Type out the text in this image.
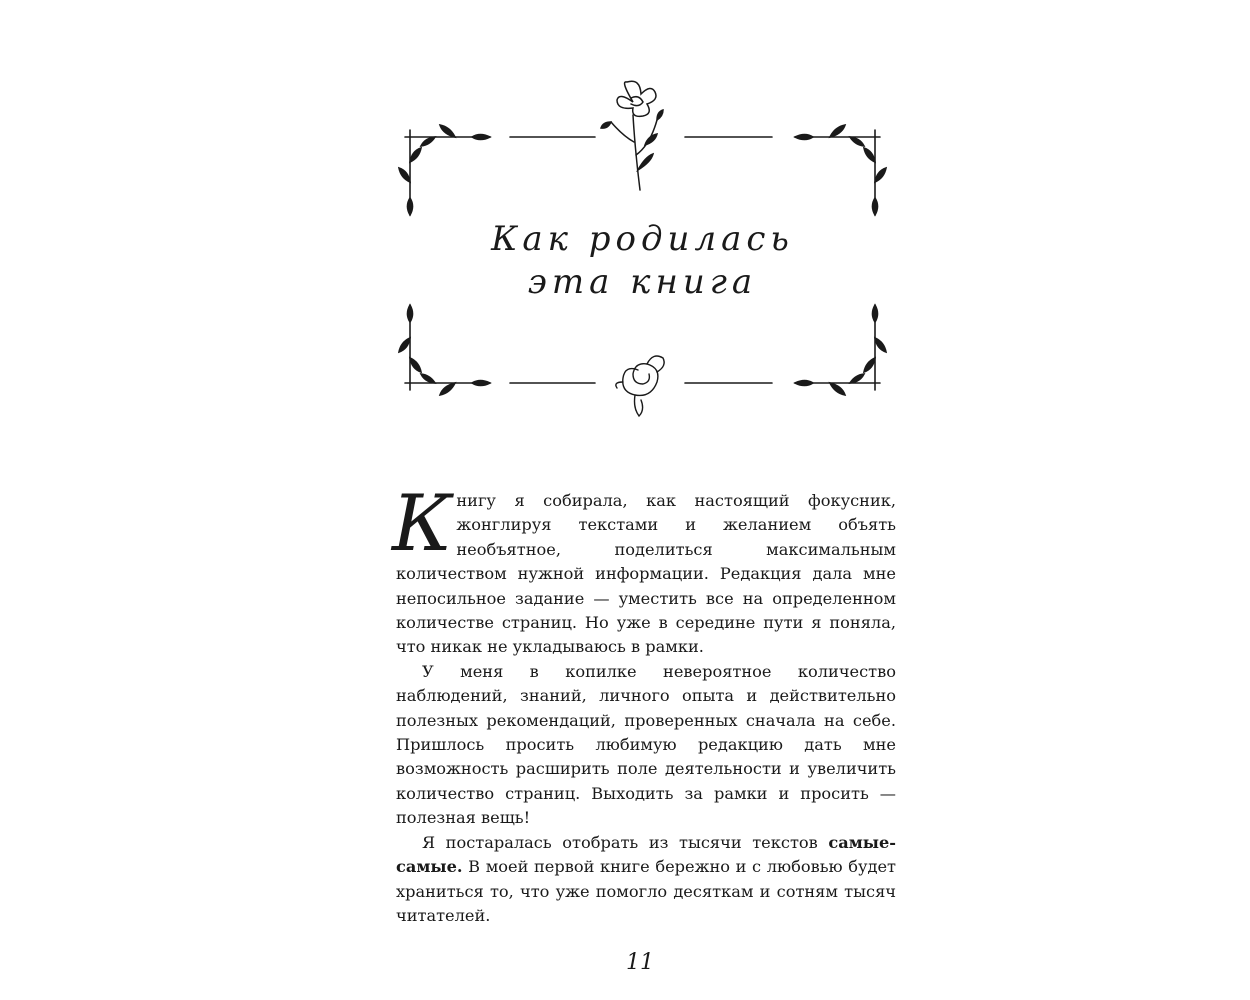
Как родилась
эта книга

Книгу я собирала, как настоящий фокусник, жонглируя текстами и желанием объять необъятное, поделиться максимальным количеством нужной информации. Редакция дала мне непосильное задание — уместить все на определенном количестве страниц. Но уже в середине пути я поняла, что никак не укладываюсь в рамки.

У меня в копилке невероятное количество наблюдений, знаний, личного опыта и действительно полезных рекомендаций, проверенных сначала на себе. Пришлось просить любимую редакцию дать мне возможность расширить поле деятельности и увеличить количество страниц. Выходить за рамки и просить — полезная вещь!

Я постаралась отобрать из тысячи текстов самые-самые. В моей первой книге бережно и с любовью будет храниться то, что уже помогло десяткам и сотням тысяч читателей.

11
